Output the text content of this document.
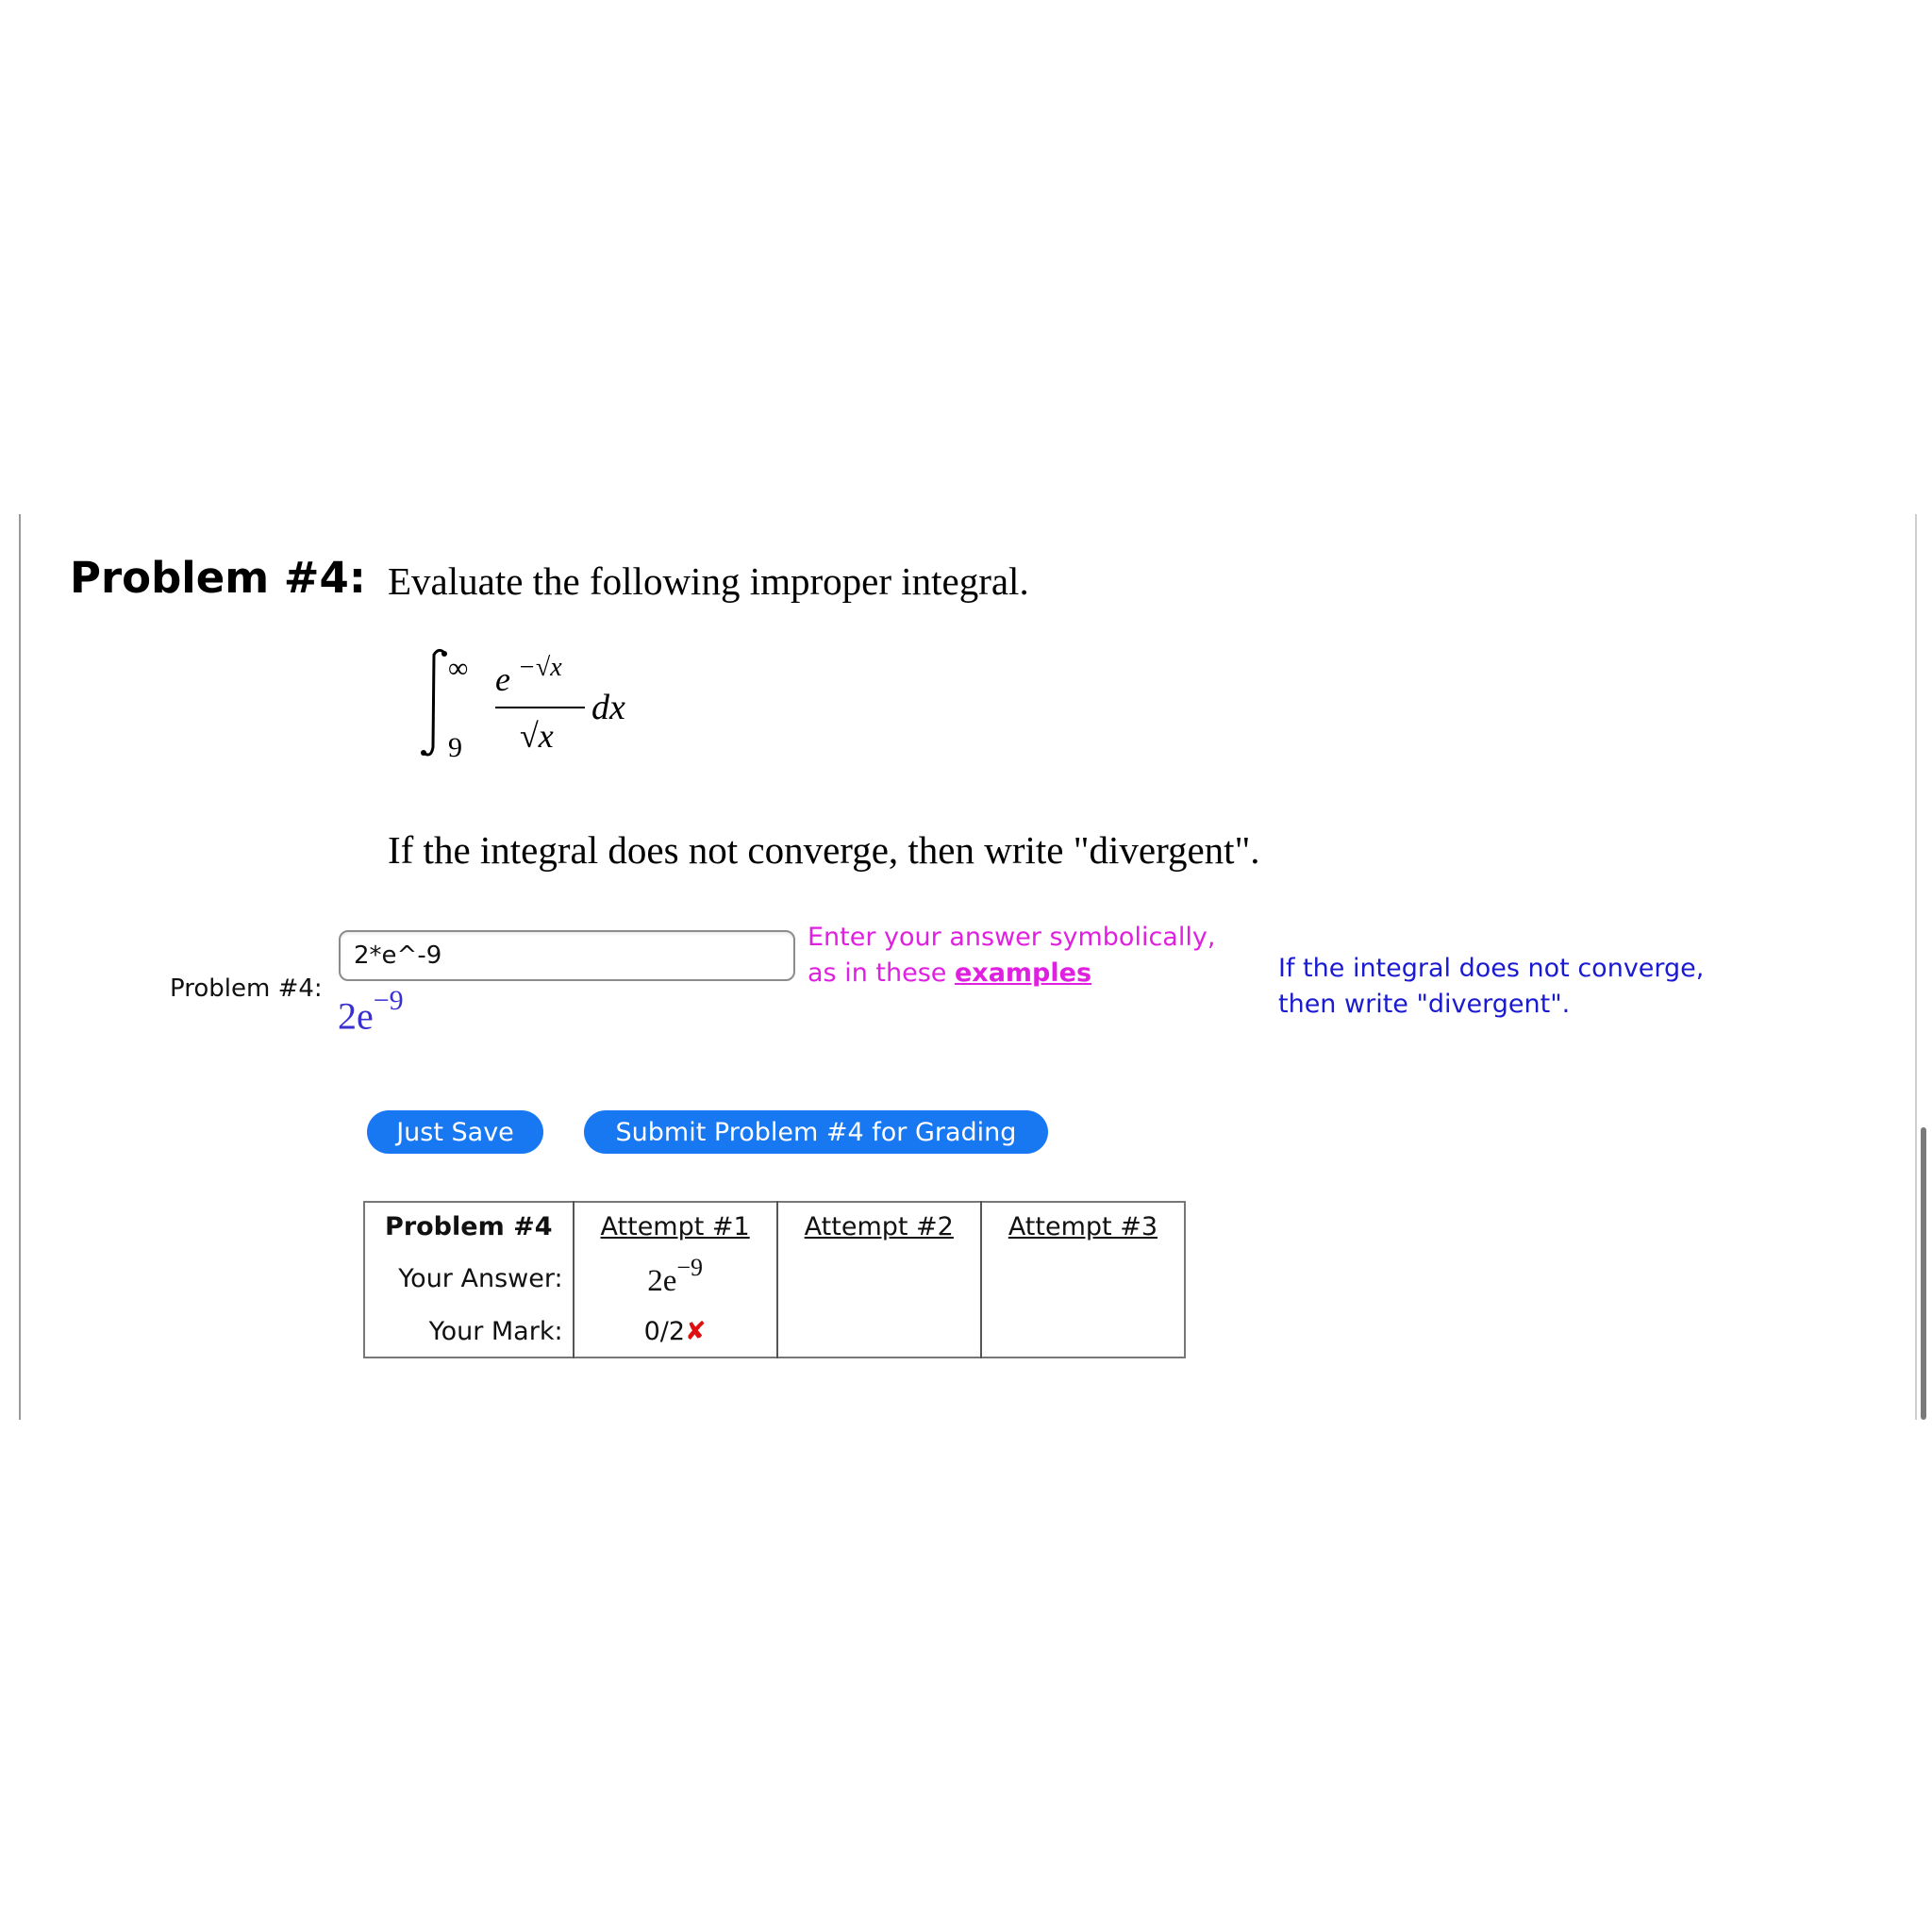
Problem #4: Evaluate the following improper integral.
∞
9
e −√x
√x
dx
If the integral does not converge, then write "divergent".
Problem #4:
2*e^-9
$2e^{-9}$
Enter your answer symbolically,
as in these examples	If the integral does not converge,
then write "divergent".
Just Save	Submit Problem #4 for Grading
Problem #4	Attempt #1	Attempt #2	Attempt #3
Your Answer:	$2e^{-9}$		
Your Mark:	0/2✘		
